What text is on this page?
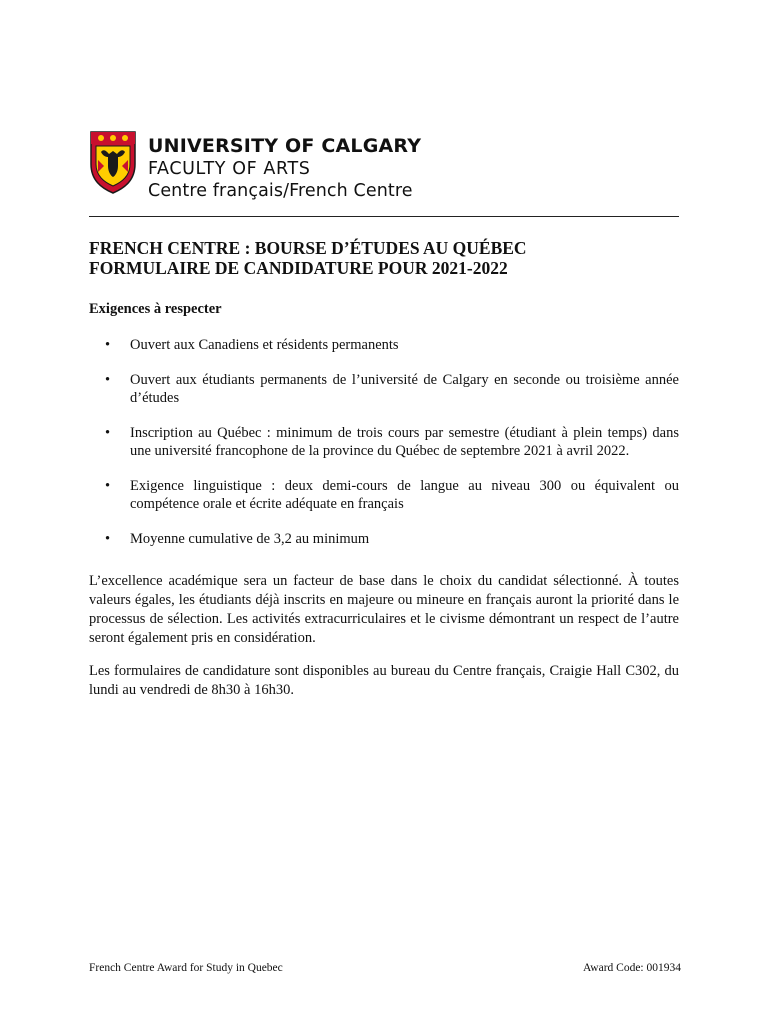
UNIVERSITY OF CALGARY
FACULTY OF ARTS
Centre français/French Centre
FRENCH CENTRE : BOURSE D’ÉTUDES AU QUÉBEC
FORMULAIRE DE CANDIDATURE POUR 2021-2022
Exigences à respecter
• Ouvert aux Canadiens et résidents permanents
• Ouvert aux étudiants permanents de l’université de Calgary en seconde ou troisième année d’études
• Inscription au Québec : minimum de trois cours par semestre (étudiant à plein temps) dans une université francophone de la province du Québec de septembre 2021 à avril 2022.
• Exigence linguistique : deux demi-cours de langue au niveau 300 ou équivalent ou compétence orale et écrite adéquate en français
• Moyenne cumulative de 3,2 au minimum

L’excellence académique sera un facteur de base dans le choix du candidat sélectionné. À toutes valeurs égales, les étudiants déjà inscrits en majeure ou mineure en français auront la priorité dans le processus de sélection. Les activités extracurriculaires et le civisme démontrant un respect de l’autre seront également pris en considération.

Les formulaires de candidature sont disponibles au bureau du Centre français, Craigie Hall C302, du lundi au vendredi de 8h30 à 16h30.

French Centre Award for Study in Quebec	Award Code: 001934
